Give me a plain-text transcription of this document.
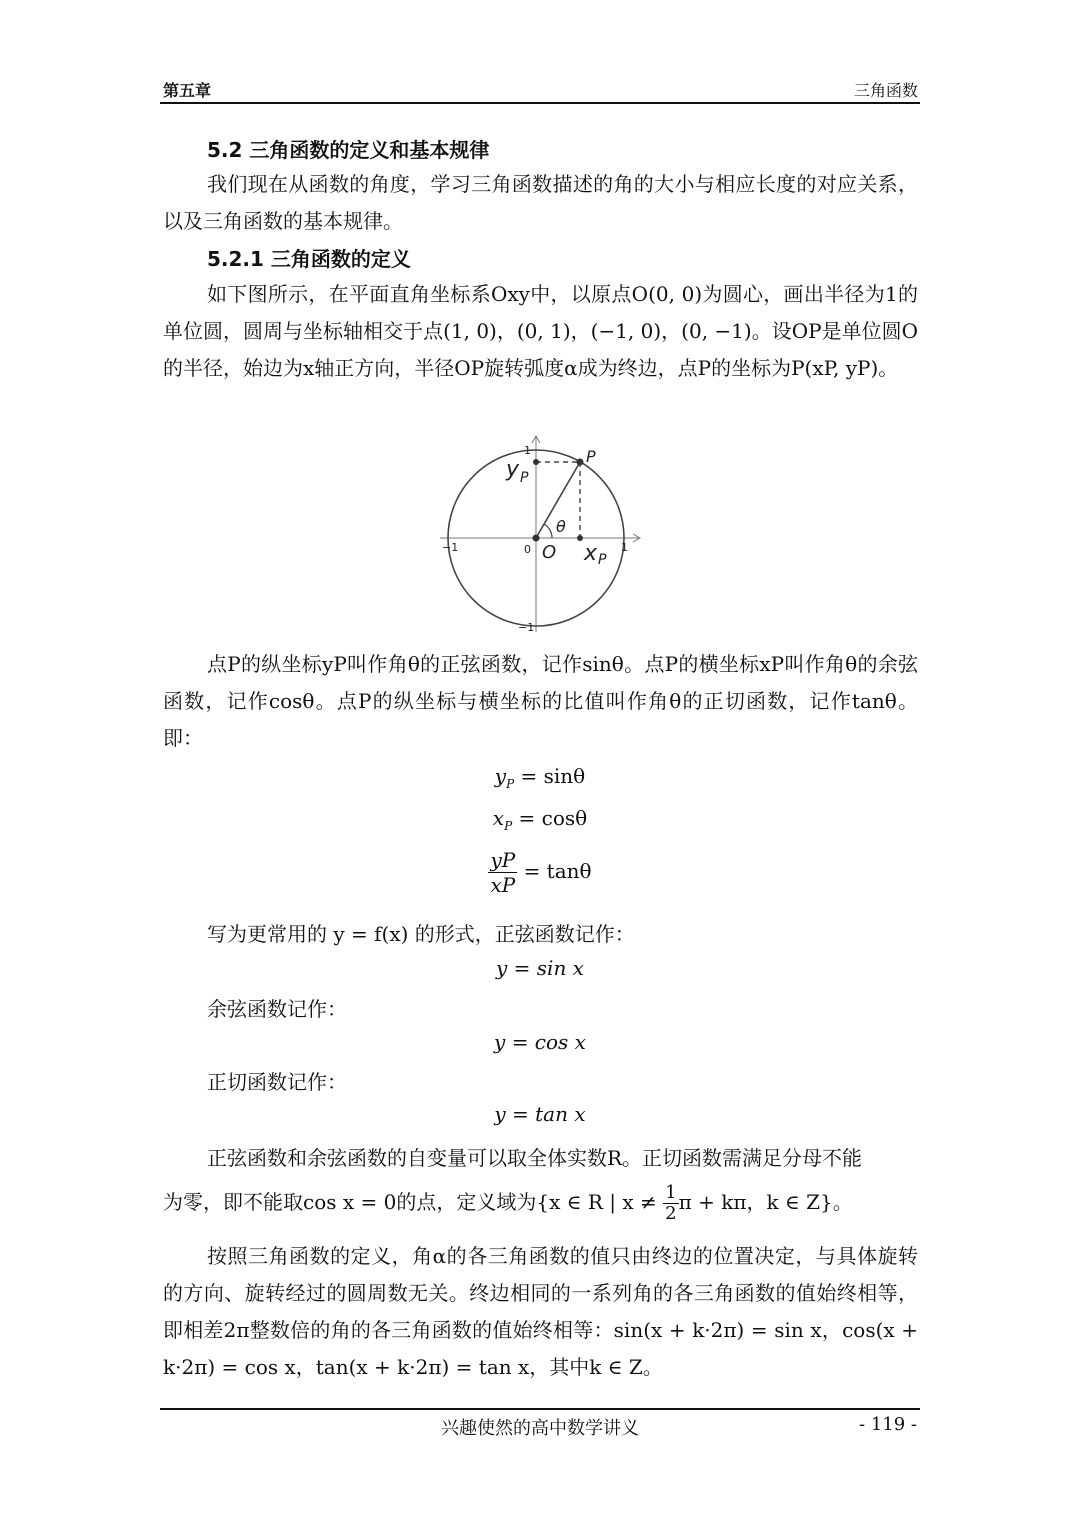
第五章	三角函数
5.2 三角函数的定义和基本规律
我们现在从函数的角度，学习三角函数描述的角的大小与相应长度的对应关系，以及三角函数的基本规律。
5.2.1 三角函数的定义
如下图所示，在平面直角坐标系Oxy中，以原点O(0, 0)为圆心，画出半径为1的单位圆，圆周与坐标轴相交于点(1, 0)，(0, 1)，(−1, 0)，(0, −1)。设OP是单位圆O的半径，始边为x轴正方向，半径OP旋转弧度α成为终边，点P的坐标为P(xP, yP)。
y P
P
θ
O x P
0	1
−1
1
−1
点P的纵坐标yP叫作角θ的正弦函数，记作sinθ。点P的横坐标xP叫作角θ的余弦函数，记作cosθ。点P的纵坐标与横坐标的比值叫作角θ的正切函数，记作tanθ。即：
$y_P = \sin\theta$
$x_P = \cos\theta$
$\frac{yP}{xP} = \tan\theta$
写为更常用的 y = f(x) 的形式，正弦函数记作：
y = sin x
余弦函数记作：
y = cos x
正切函数记作：
y = tan x
正弦函数和余弦函数的自变量可以取全体实数R。正切函数需满足分母不能
为零，即不能取cos x = 0的点，定义域为{x ∈ R | $x \ne \frac{1}{2}$ π + kπ，k ∈ Z}。
按照三角函数的定义，角α的各三角函数的值只由终边的位置决定，与具体旋转的方向、旋转经过的圆周数无关。终边相同的一系列角的各三角函数的值始终相等，即相差2π整数倍的角的各三角函数的值始终相等：sin(x + k·2π) = sin x，cos(x + k·2π) = cos x，tan(x + k·2π) = tan x，其中k ∈ Z。
兴趣使然的高中数学讲义	- 119 -
